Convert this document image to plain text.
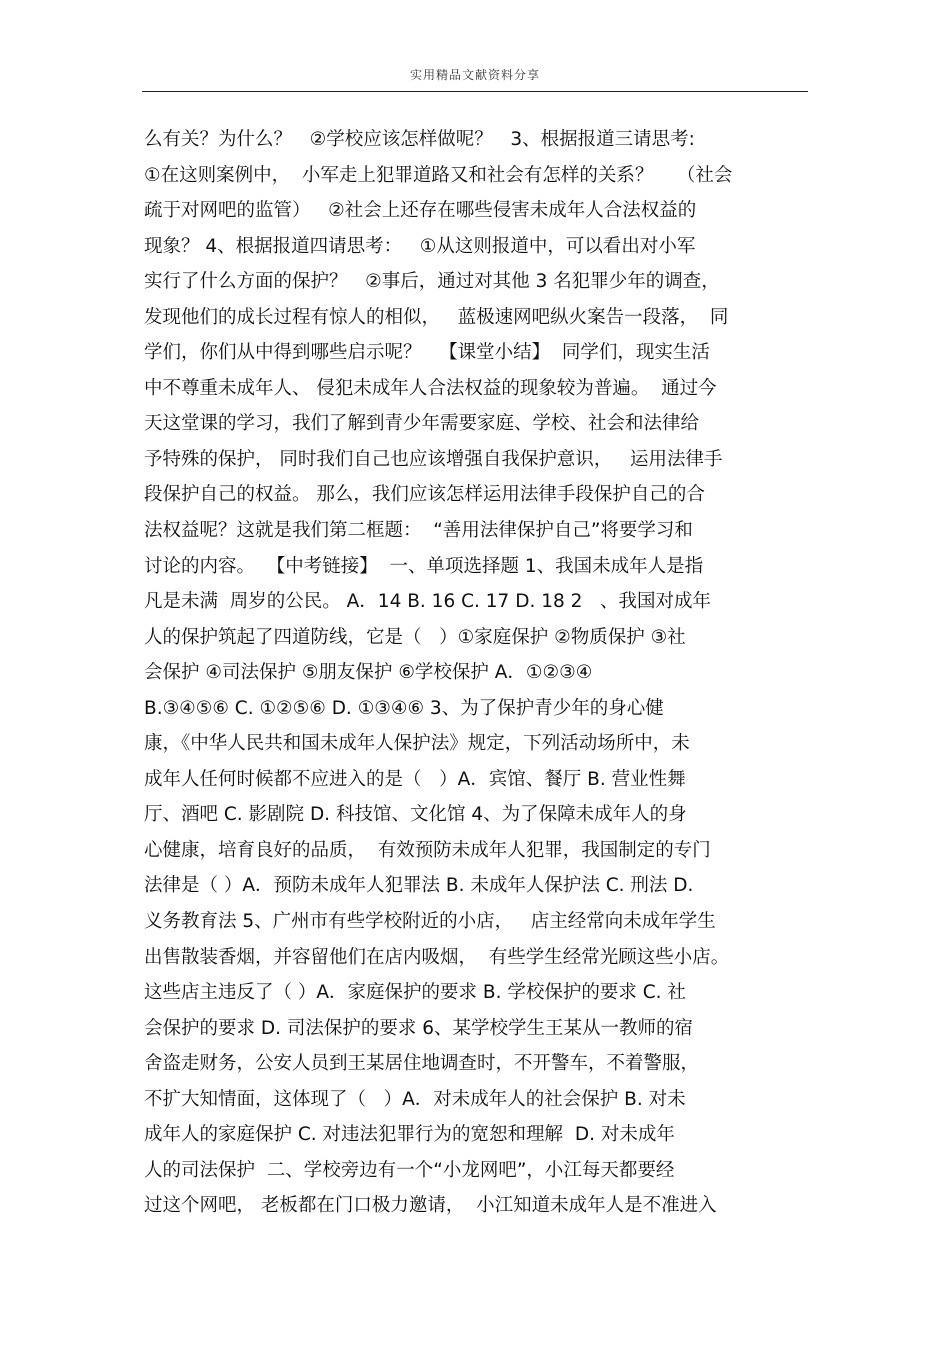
实用精品文献资料分享
么有关？为什么？   ②学校应该怎样做呢？   3、根据报道三请思考:
①在这则案例中，  小军走上犯罪道路又和社会有怎样的关系？    （社会
疏于对网吧的监管）   ②社会上还存在哪些侵害未成年人合法权益的
现象？ 4、根据报道四请思考：   ①从这则报道中，可以看出对小军
实行了什么方面的保护？   ②事后，通过对其他 3 名犯罪少年的调查，
发现他们的成长过程有惊人的相似，   蓝极速网吧纵火案告一段落，  同
学们，你们从中得到哪些启示呢？   【课堂小结】  同学们，现实生活
中不尊重未成年人、 侵犯未成年人合法权益的现象较为普遍。  通过今
天这堂课的学习，我们了解到青少年需要家庭、学校、社会和法律给
予特殊的保护， 同时我们自己也应该增强自我保护意识，   运用法律手
段保护自己的权益。 那么，我们应该怎样运用法律手段保护自己的合
法权益呢？这就是我们第二框题：  “善用法律保护自己”将要学习和
讨论的内容。  【中考链接】  一、单项选择题 1、我国未成年人是指
凡是未满  周岁的公民。 A．14 B. 16 C. 17 D. 18 2   、我国对成年
人的保护筑起了四道防线，它是（   ）①家庭保护 ②物质保护 ③社
会保护 ④司法保护 ⑤朋友保护 ⑥学校保护 A．①②③④
B.③④⑤⑥ C. ①②⑤⑥ D. ①③④⑥ 3、为了保护青少年的身心健
康，《中华人民共和国未成年人保护法》规定，下列活动场所中，未
成年人任何时候都不应进入的是（   ）A．宾馆、餐厅 B. 营业性舞
厅、酒吧 C. 影剧院 D. 科技馆、文化馆 4、为了保障未成年人的身
心健康，培育良好的品质，  有效预防未成年人犯罪，我国制定的专门
法律是（ ）A．预防未成年人犯罪法 B. 未成年人保护法 C. 刑法 D.
义务教育法 5、广州市有些学校附近的小店，   店主经常向未成年学生
出售散装香烟，并容留他们在店内吸烟，  有些学生经常光顾这些小店。
这些店主违反了（ ）A．家庭保护的要求 B. 学校保护的要求 C. 社
会保护的要求 D. 司法保护的要求 6、某学校学生王某从一教师的宿
舍盗走财务，公安人员到王某居住地调查时，不开警车，不着警服，
不扩大知情面，这体现了（   ）A．对未成年人的社会保护 B. 对未
成年人的家庭保护 C. 对违法犯罪行为的宽恕和理解  D. 对未成年
人的司法保护  二、学校旁边有一个“小龙网吧”，小江每天都要经
过这个网吧， 老板都在门口极力邀请，  小江知道未成年人是不准进入
